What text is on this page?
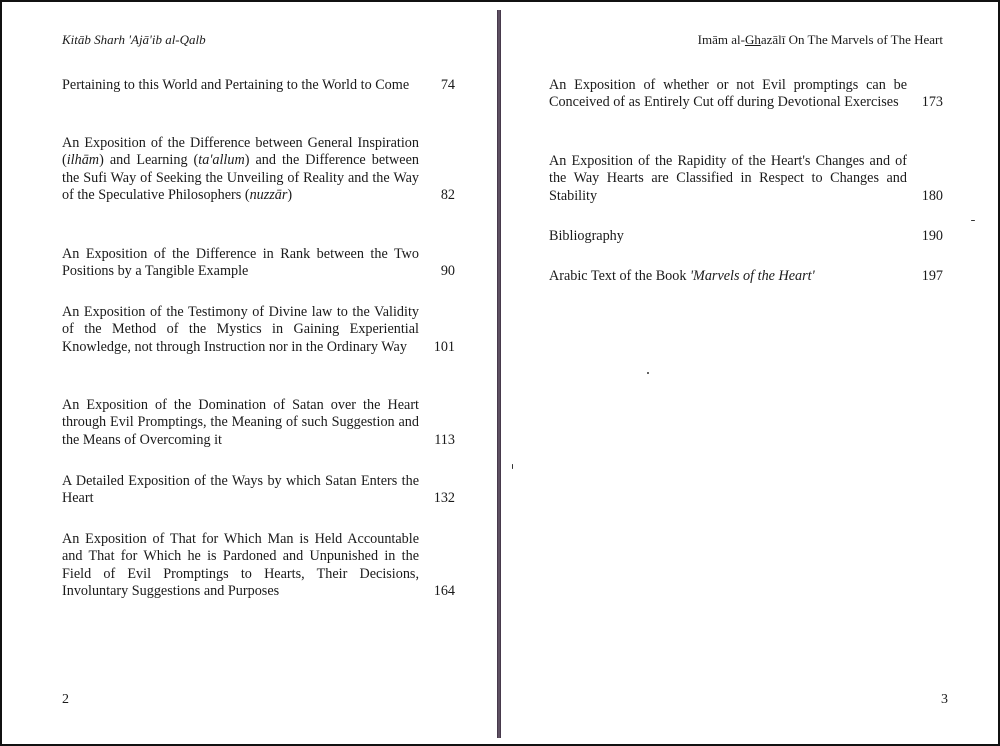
Kitāb Sharh 'Ajā'ib al-Qalb
Pertaining to this World and Pertaining to the World to Come	74
An Exposition of the Difference between General Inspiration (ilhām) and Learning (ta'allum) and the Difference between the Sufi Way of Seeking the Unveiling of Reality and the Way of the Speculative Philosophers (nuzzār)	82
An Exposition of the Difference in Rank between the Two Positions by a Tangible Example	90
An Exposition of the Testimony of Divine law to the Validity of the Method of the Mystics in Gaining Experiential Knowledge, not through Instruction nor in the Ordinary Way	101
An Exposition of the Domination of Satan over the Heart through Evil Promptings, the Meaning of such Suggestion and the Means of Overcoming it	113
A Detailed Exposition of the Ways by which Satan Enters the Heart	132
An Exposition of That for Which Man is Held Accountable and That for Which he is Pardoned and Unpunished in the Field of Evil Promptings to Hearts, Their Decisions, Involuntary Suggestions and Purposes	164
2
Imām al-Ghazālī On The Marvels of The Heart
An Exposition of whether or not Evil promptings can be Conceived of as Entirely Cut off during Devotional Exercises	173
An Exposition of the Rapidity of the Heart's Changes and of the Way Hearts are Classified in Respect to Changes and Stability	180
Bibliography	190
Arabic Text of the Book 'Marvels of the Heart'	197
3
